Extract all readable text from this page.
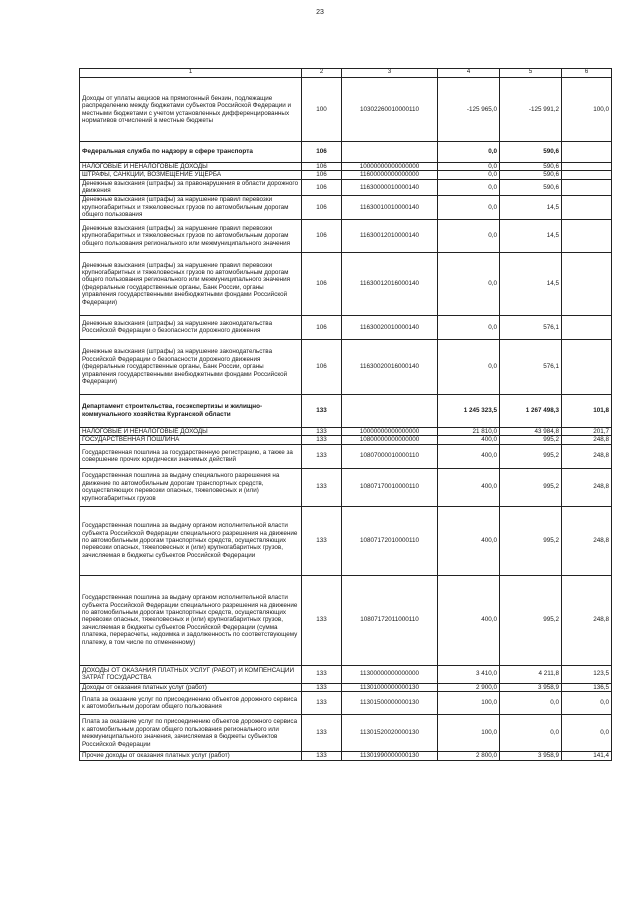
23
1	2	3	4	5	6
Доходы от уплаты акцизов на прямогонный бензин, подлежащие распределению между бюджетами субъектов Российской Федерации и местными бюджетами с учетом установленных дифференцированных нормативов отчислений в местные бюджеты	100	10302260010000110	-125 965,0	-125 991,2	100,0
Федеральная служба по надзору в сфере транспорта	106		0,0	590,6	
НАЛОГОВЫЕ И НЕНАЛОГОВЫЕ ДОХОДЫ	106	10000000000000000	0,0	590,6	
ШТРАФЫ, САНКЦИИ, ВОЗМЕЩЕНИЕ УЩЕРБА	106	11600000000000000	0,0	590,6	
Денежные взыскания (штрафы) за правонарушения в области дорожного движения	106	11630000010000140	0,0	590,6	
Денежные взыскания (штрафы) за нарушение правил перевозки крупногабаритных и тяжеловесных грузов по автомобильным дорогам общего пользования	106	11630010010000140	0,0	14,5	
Денежные взыскания (штрафы) за нарушение правил перевозки крупногабаритных и тяжеловесных грузов по автомобильным дорогам общего пользования регионального или межмуниципального значения	106	11630012010000140	0,0	14,5	
Денежные взыскания (штрафы) за нарушение правил перевозки крупногабаритных и тяжеловесных грузов по автомобильным дорогам общего пользования регионального или межмуниципального значения (федеральные государственные органы, Банк России, органы управления государственными внебюджетными фондами Российской Федерации)	106	11630012016000140	0,0	14,5	
Денежные взыскания (штрафы) за нарушение законодательства Российской Федерации о безопасности дорожного движения	106	11630020010000140	0,0	576,1	
Денежные взыскания (штрафы) за нарушение законодательства Российской Федерации о безопасности дорожного движения (федеральные государственные органы, Банк России, органы управления государственными внебюджетными фондами Российской Федерации)	106	11630020016000140	0,0	576,1	
Департамент строительства, госэкспертизы и жилищно-коммунального хозяйства Курганской области	133		1 245 323,5	1 267 498,3	101,8
НАЛОГОВЫЕ И НЕНАЛОГОВЫЕ ДОХОДЫ	133	10000000000000000	21 810,0	43 984,8	201,7
ГОСУДАРСТВЕННАЯ ПОШЛИНА	133	10800000000000000	400,0	995,2	248,8
Государственная пошлина за государственную регистрацию, а также за совершение прочих юридически значимых действий	133	10807000010000110	400,0	995,2	248,8
Государственная пошлина за выдачу специального разрешения на движение по автомобильным дорогам транспортных средств, осуществляющих перевозки опасных, тяжеловесных и (или) крупногабаритных грузов	133	10807170010000110	400,0	995,2	248,8
Государственная пошлина за выдачу органом исполнительной власти субъекта Российской Федерации специального разрешения на движение по автомобильным дорогам транспортных средств, осуществляющих перевозки опасных, тяжеловесных и (или) крупногабаритных грузов, зачисляемая в бюджеты субъектов Российской Федерации	133	10807172010000110	400,0	995,2	248,8
Государственная пошлина за выдачу органом исполнительной власти субъекта Российской Федерации специального разрешения на движение по автомобильным дорогам транспортных средств, осуществляющих перевозки опасных, тяжеловесных и (или) крупногабаритных грузов, зачисляемая в бюджеты субъектов Российской Федерации (сумма платежа, перерасчеты, недоимка и задолженность по соответствующему платежу, в том числе по отмененному)	133	10807172011000110	400,0	995,2	248,8
ДОХОДЫ ОТ ОКАЗАНИЯ ПЛАТНЫХ УСЛУГ (РАБОТ) И КОМПЕНСАЦИИ ЗАТРАТ ГОСУДАРСТВА	133	11300000000000000	3 410,0	4 211,8	123,5
Доходы от оказания платных услуг (работ)	133	11301000000000130	2 900,0	3 958,9	136,5
Плата за оказание услуг по присоединению объектов дорожного сервиса к автомобильным дорогам общего пользования	133	11301500000000130	100,0	0,0	0,0
Плата за оказание услуг по присоединению объектов дорожного сервиса к автомобильным дорогам общего пользования регионального или межмуниципального значения, зачисляемая в бюджеты субъектов Российской Федерации	133	11301520020000130	100,0	0,0	0,0
Прочие доходы от оказания платных услуг (работ)	133	11301990000000130	2 800,0	3 958,9	141,4
